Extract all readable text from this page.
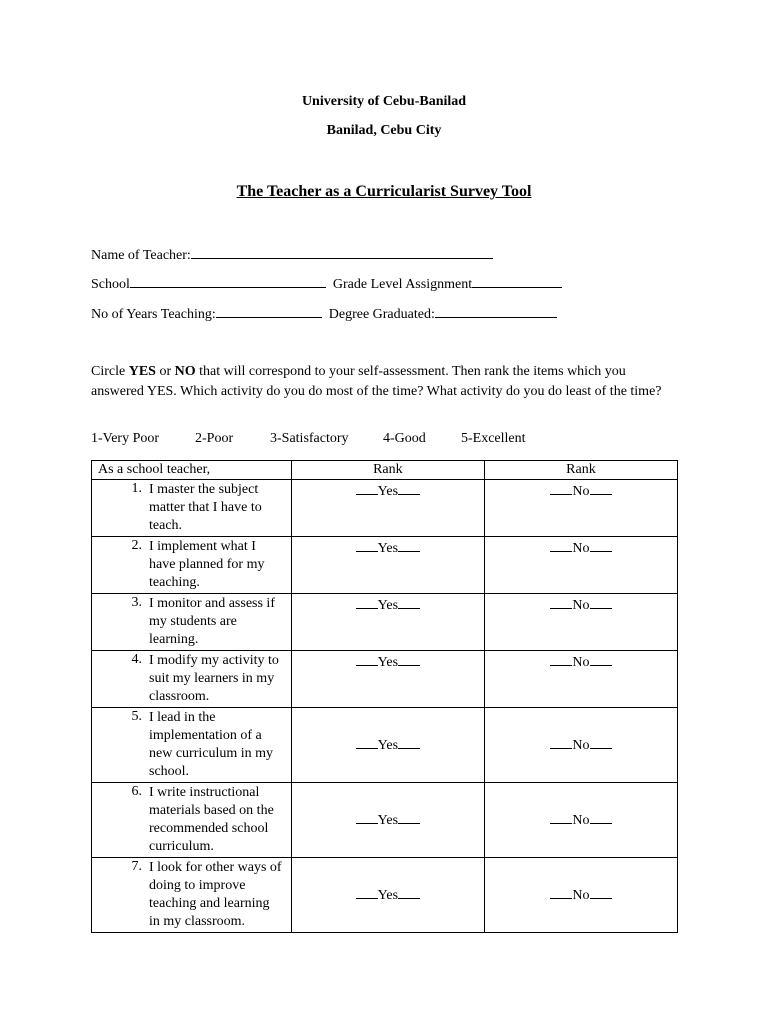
University of Cebu-Banilad
Banilad, Cebu City
The Teacher as a Curricularist Survey Tool
Name of Teacher:
School	Grade Level Assignment
No of Years Teaching:	Degree Graduated:
Circle YES or NO that will correspond to your self-assessment. Then rank the items which you answered YES. Which activity do you do most of the time? What activity do you do least of the time?
1-Very Poor	2-Poor	3-Satisfactory 4-Good	5-Excellent
As a school teacher,	Rank	Rank

1. I master the subject matter that I have to teach.	Yes	No

2. I implement what I have planned for my teaching.	Yes	No

3. I monitor and assess if my students are learning.	Yes	No

4. I modify my activity to suit my learners in my classroom.	Yes	No

5. I lead in the implementation of a new curriculum in my school.	Yes	No

6. I write instructional materials based on the recommended school curriculum.	Yes	No

7. I look for other ways of doing to improve teaching and learning in my classroom.	Yes	No
